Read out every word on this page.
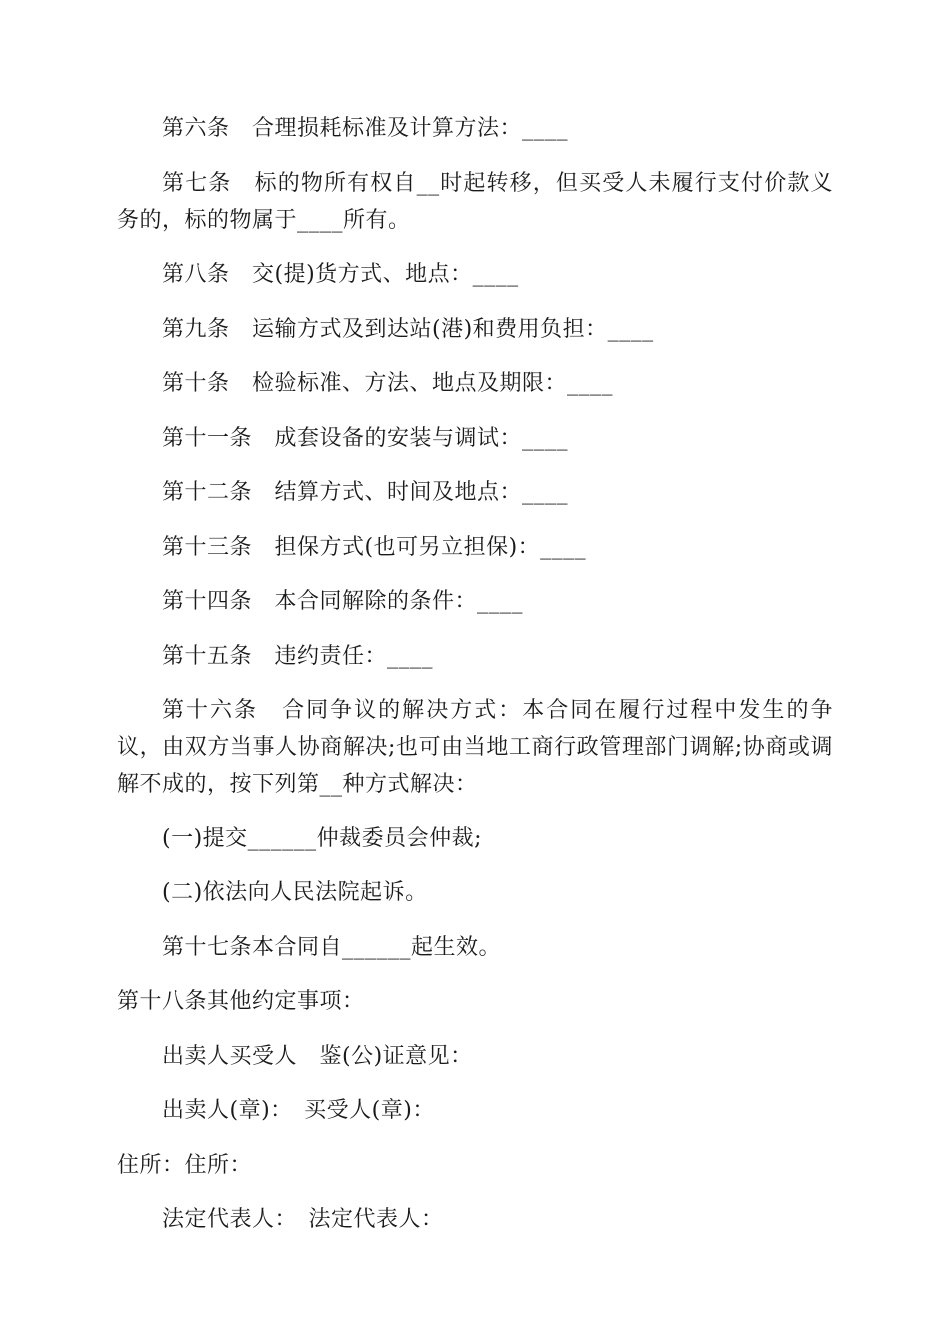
第六条　合理损耗标准及计算方法：____

第七条　标的物所有权自__时起转移，但买受人未履行支付价款义务的，标的物属于____所有。

第八条　交(提)货方式、地点：____

第九条　运输方式及到达站(港)和费用负担：____

第十条　检验标准、方法、地点及期限：____

第十一条　成套设备的安装与调试：____

第十二条　结算方式、时间及地点：____

第十三条　担保方式(也可另立担保)：____

第十四条　本合同解除的条件：____

第十五条　违约责任：____

第十六条　合同争议的解决方式：本合同在履行过程中发生的争议，由双方当事人协商解决;也可由当地工商行政管理部门调解;协商或调解不成的，按下列第__种方式解决：

(一)提交______仲裁委员会仲裁;

(二)依法向人民法院起诉。

第十七条本合同自______起生效。

第十八条其他约定事项：

出卖人买受人　鉴(公)证意见：

出卖人(章)：　买受人(章)：

住所：住所：

法定代表人：　法定代表人：
